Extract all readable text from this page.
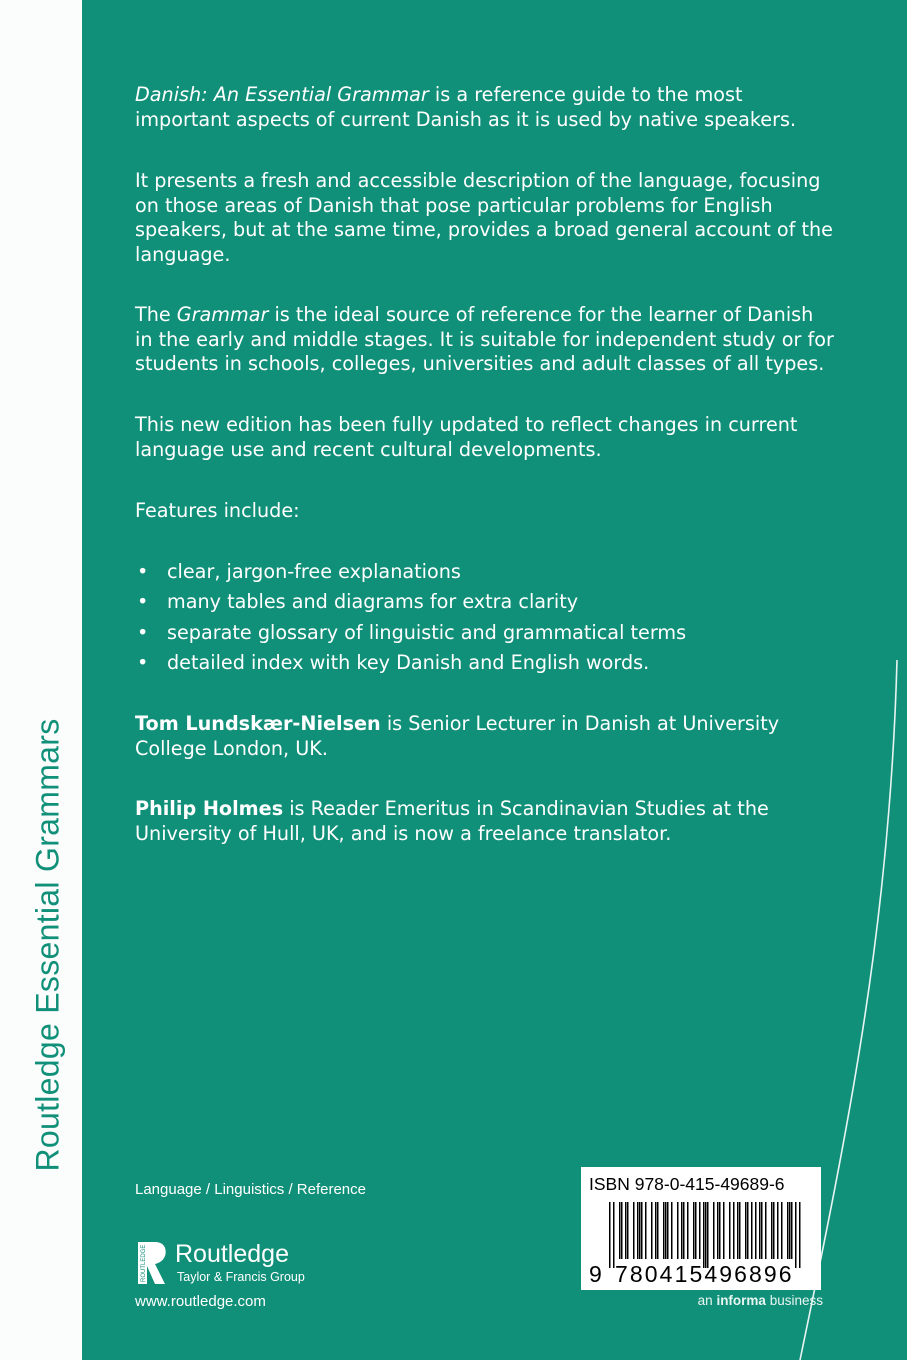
Routledge Essential Grammars

Danish: An Essential Grammar is a reference guide to the most important aspects of current Danish as it is used by native speakers.

It presents a fresh and accessible description of the language, focusing on those areas of Danish that pose particular problems for English speakers, but at the same time, provides a broad general account of the language.

The Grammar is the ideal source of reference for the learner of Danish in the early and middle stages. It is suitable for independent study or for students in schools, colleges, universities and adult classes of all types.

This new edition has been fully updated to reflect changes in current language use and recent cultural developments.

Features include:

• clear, jargon-free explanations
• many tables and diagrams for extra clarity
• separate glossary of linguistic and grammatical terms
• detailed index with key Danish and English words.

Tom Lundskær-Nielsen is Senior Lecturer in Danish at University College London, UK.

Philip Holmes is Reader Emeritus in Scandinavian Studies at the University of Hull, UK, and is now a freelance translator.

Language / Linguistics / Reference
ROUTLEDGE Routledge
Taylor & Francis Group
www.routledge.com
ISBN 978-0-415-49689-6
9 780415496896
an informa business
